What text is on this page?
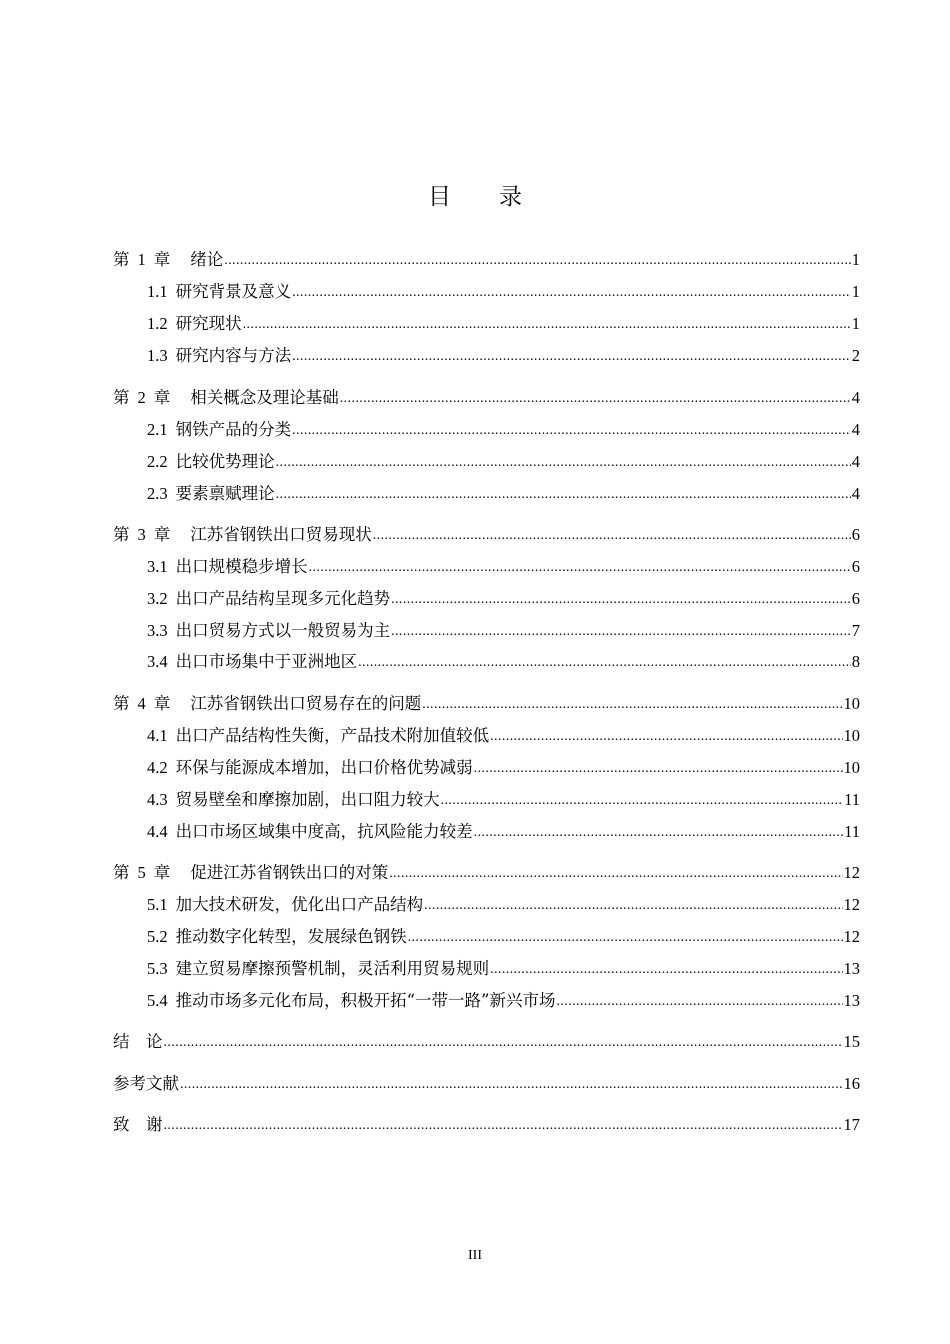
目 录
第 1 章 绪论 .....	1
1.1 研究背景及意义 .....	1
1.2 研究现状 .....	1
1.3 研究内容与方法 .....	2
第 2 章 相关概念及理论基础 .....	4
2.1 钢铁产品的分类 .....	4
2.2 比较优势理论 .....	4
2.3 要素禀赋理论 .....	4
第 3 章 江苏省钢铁出口贸易现状 .....	6
3.1 出口规模稳步增长 .....	6
3.2 出口产品结构呈现多元化趋势 .....	6
3.3 出口贸易方式以一般贸易为主 .....	7
3.4 出口市场集中于亚洲地区 .....	8
第 4 章 江苏省钢铁出口贸易存在的问题 .....	10
4.1 出口产品结构性失衡，产品技术附加值较低 .....	10
4.2 环保与能源成本增加，出口价格优势减弱 .....	10
4.3 贸易壁垒和摩擦加剧，出口阻力较大 .....	11
4.4 出口市场区域集中度高，抗风险能力较差 .....	11
第 5 章 促进江苏省钢铁出口的对策 .....	12
5.1 加大技术研发，优化出口产品结构 .....	12
5.2 推动数字化转型，发展绿色钢铁 .....	12
5.3 建立贸易摩擦预警机制，灵活利用贸易规则 .....	13
5.4 推动市场多元化布局，积极开拓“一带一路”新兴市场 .....	13
结　论 .....	15
参考文献 .....	16
致　谢 .....	17
III
